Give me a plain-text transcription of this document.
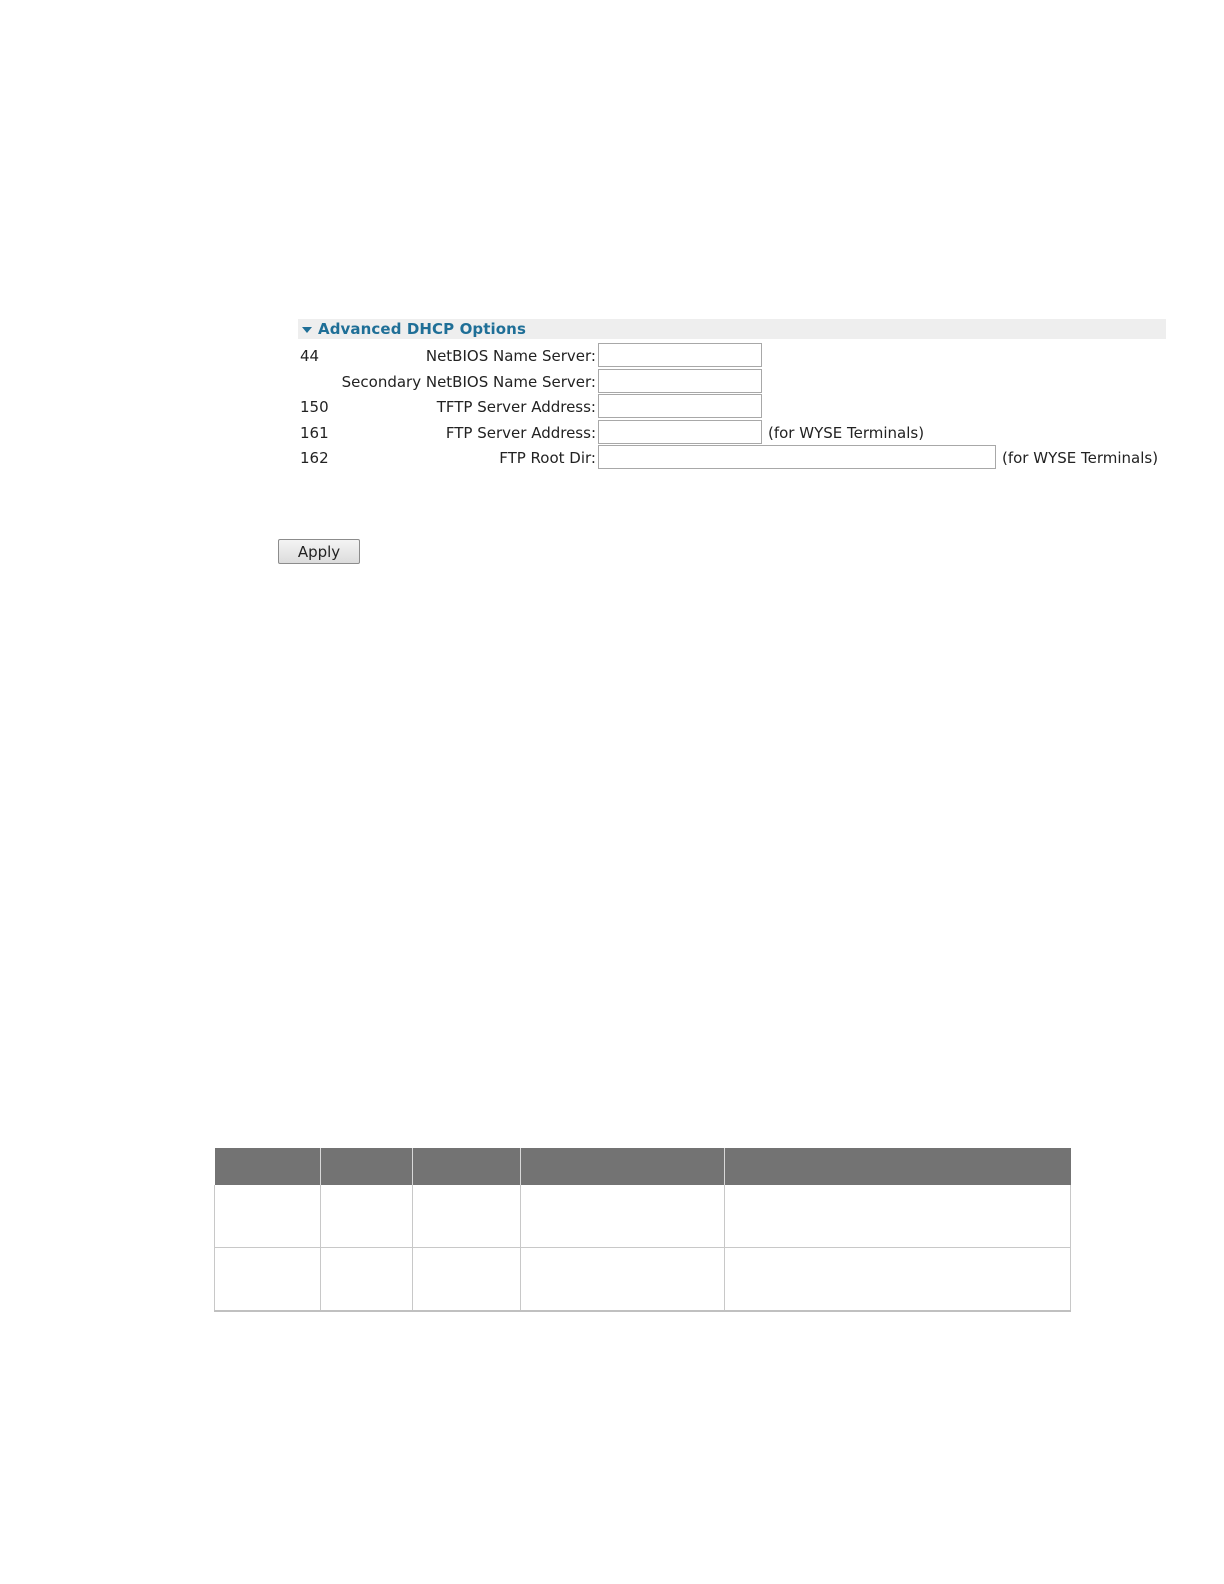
Advanced DHCP Options
44	NetBIOS Name Server:
Secondary NetBIOS Name Server:
150	TFTP Server Address:
161	FTP Server Address:	(for WYSE Terminals)
162	FTP Root Dir:	(for WYSE Terminals)
Apply
